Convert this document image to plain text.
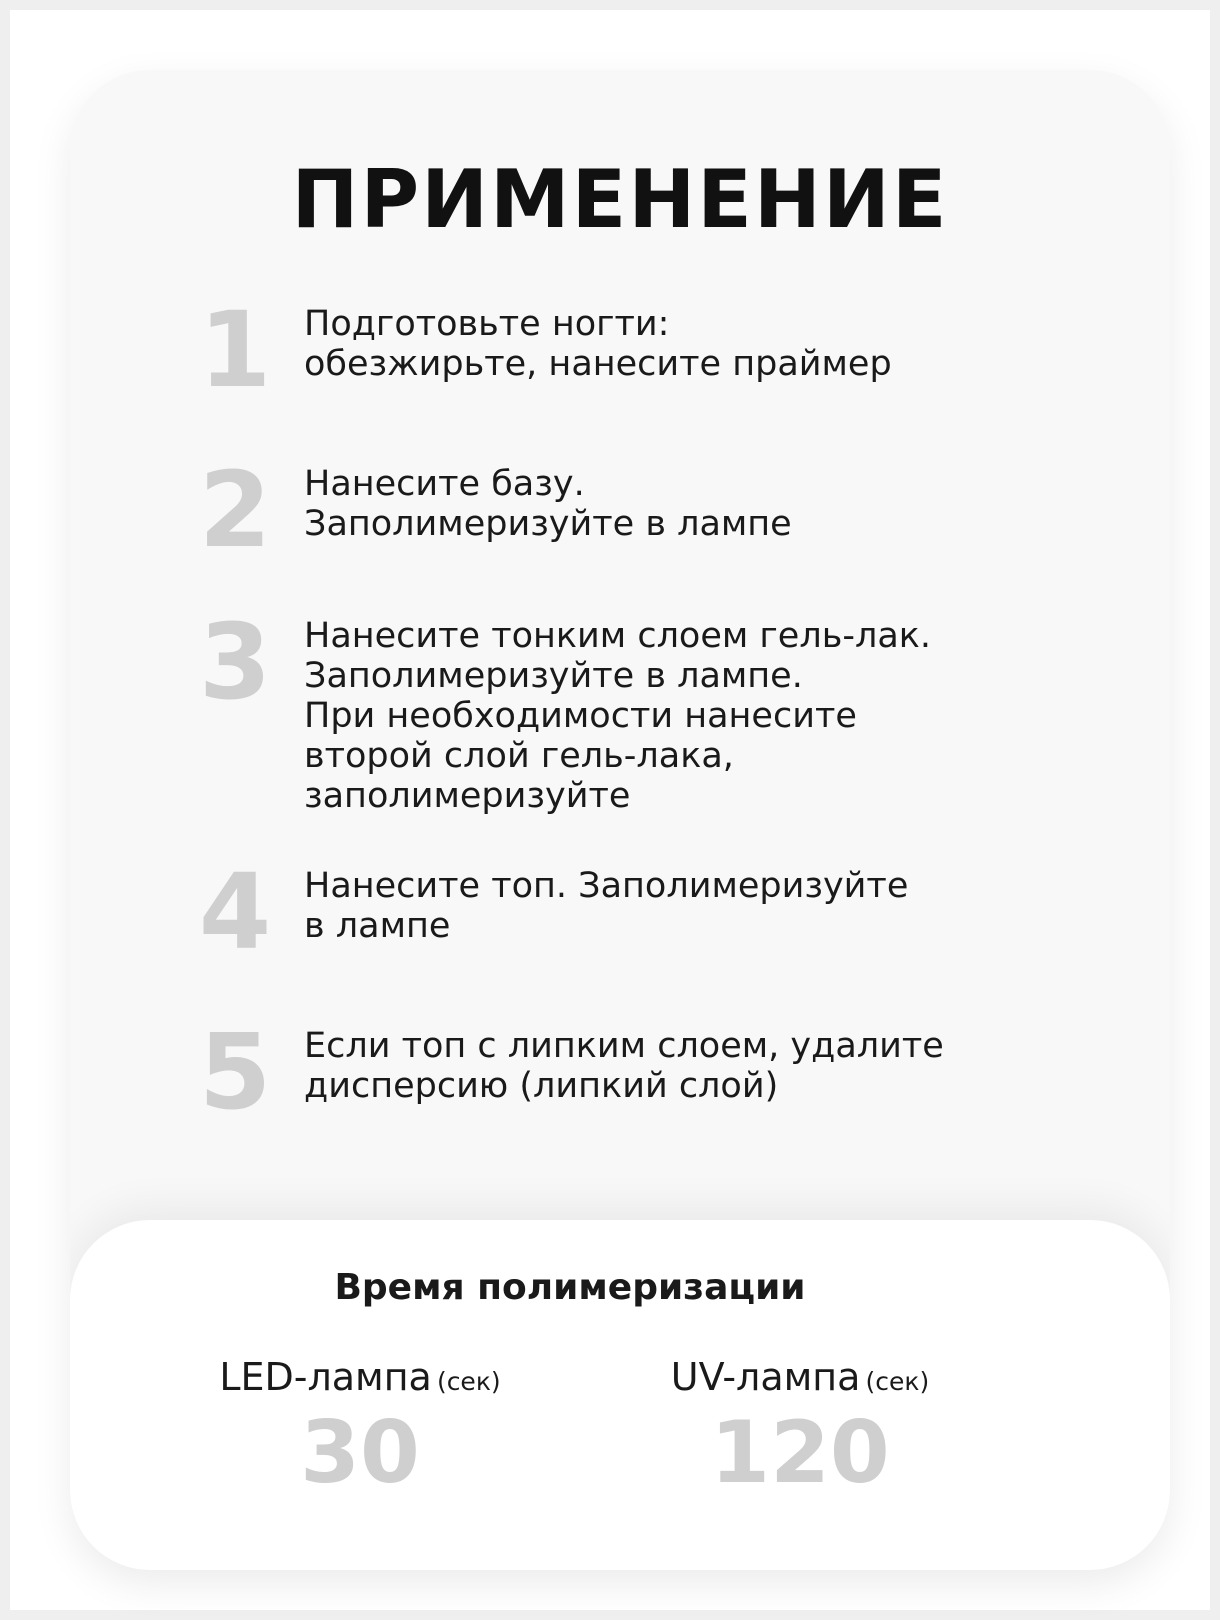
ПРИМЕНЕНИЕ
1 Подготовьте ногти:
обезжирьте, нанесите праймер
2 Нанесите базу.
Заполимеризуйте в лампе
3 Нанесите тонким слоем гель-лак.
Заполимеризуйте в лампе.
При необходимости нанесите
второй слой гель-лака,
заполимеризуйте
4 Нанесите топ. Заполимеризуйте
в лампе
5 Если топ с липким слоем, удалите
дисперсию (липкий слой)
Время полимеризации
LED-лампа (сек)
30
UV-лампа (сек)
120
